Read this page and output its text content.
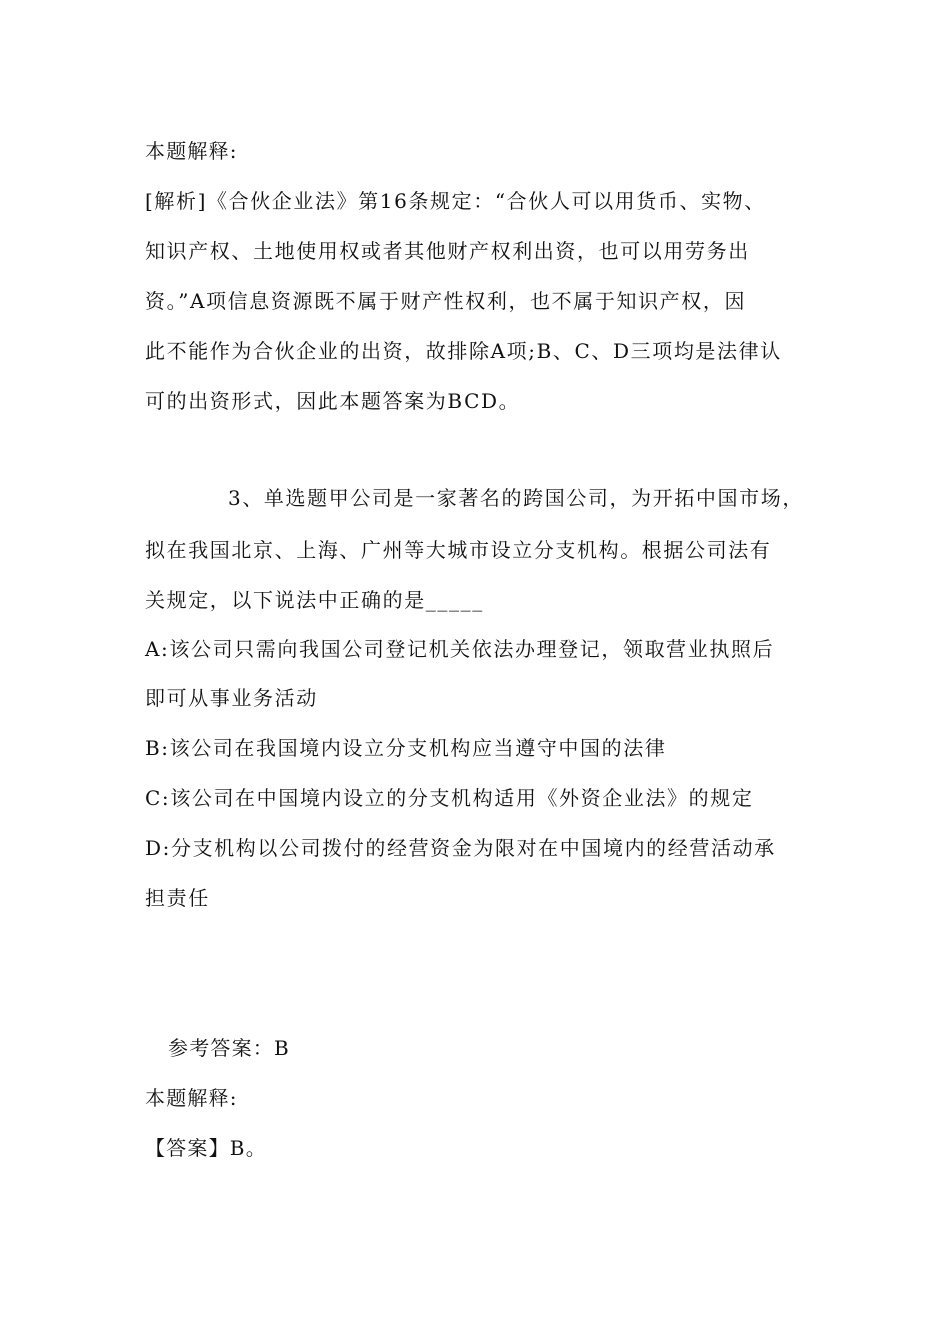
本题解释:
[解析]《合伙企业法》第16条规定：“合伙人可以用货币、实物、
知识产权、土地使用权或者其他财产权利出资，也可以用劳务出
资。”A项信息资源既不属于财产性权利，也不属于知识产权，因
此不能作为合伙企业的出资，故排除A项;B、C、D三项均是法律认
可的出资形式，因此本题答案为BCD。
3、单选题甲公司是一家著名的跨国公司，为开拓中国市场，
拟在我国北京、上海、广州等大城市设立分支机构。根据公司法有
关规定，以下说法中正确的是_____
A:该公司只需向我国公司登记机关依法办理登记，领取营业执照后
即可从事业务活动
B:该公司在我国境内设立分支机构应当遵守中国的法律
C:该公司在中国境内设立的分支机构适用《外资企业法》的规定
D:分支机构以公司拨付的经营资金为限对在中国境内的经营活动承
担责任
参考答案：B
本题解释:
【答案】B。
